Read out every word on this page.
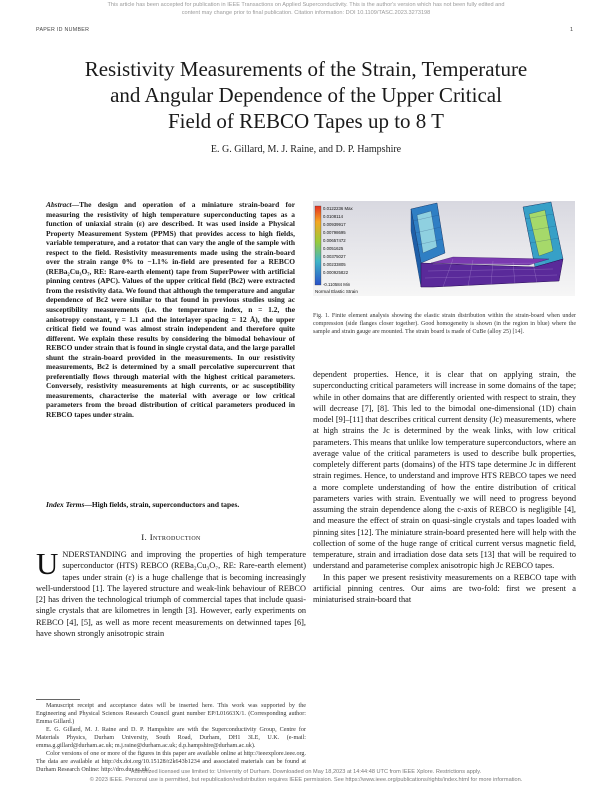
This article has been accepted for publication in IEEE Transactions on Applied Superconductivity. This is the author's version which has not been fully edited and
content may change prior to final publication. Citation information: DOI 10.1109/TASC.2023.3273198
PAPER ID NUMBER	1
Resistivity Measurements of the Strain, Temperature
and Angular Dependence of the Upper Critical
Field of REBCO Tapes up to 8 T
E. G. Gillard, M. J. Raine, and D. P. Hampshire
Abstract—The design and operation of a miniature strain-board for measuring the resistivity of high temperature superconducting tapes as a function of uniaxial strain (ε) are described. It was used inside a Physical Property Measurement System (PPMS) that provides access to high fields, variable temperature, and a rotator that can vary the angle of the sample with respect to the field. Resistivity measurements made using the strain-board over the strain range 0% to −1.1% in-field are presented for a REBCO (REBa₂Cu₃O₇, RE: Rare-earth element) tape from SuperPower with artificial pinning centres (APC). Values of the upper critical field (Bc2) were extracted from the resistivity data. We found that although the temperature and angular dependence of Bc2 were similar to that found in previous studies using ac susceptibility measurements (i.e. the temperature index, n = 1.2, the anisotropy constant, γ = 1.1 and the interlayer spacing = 12 Å), the upper critical field we found was almost strain independent and therefore quite different. We explain these results by considering the bimodal behaviour of REBCO under strain that is found in single crystal data, and the large parallel shunt the strain-board provided in the measurements. In our resistivity measurements, Bc2 is determined by a small percolative supercurrent that preferentially flows through material with the highest critical parameters. Conversely, resistivity measurements at high currents, or ac susceptibility measurements, characterise the material with average or low critical parameters from the broad distribution of critical parameters produced in REBCO tapes under strain.
Index Terms—High fields, strain, superconductors and tapes.
I. Introduction
UNDERSTANDING and improving the properties of high temperature superconductor (HTS) REBCO (REBa₂Cu₃O₇, RE: Rare-earth element) tapes under strain (ε) is a huge challenge that is becoming increasingly well-understood [1]. The layered structure and weak-link behaviour of REBCO [2] has driven the technological triumph of commercial tapes that include quasi-single crystals that are kilometres in length [3]. However, early experiments on REBCO [4], [5], as well as more recent measurements on detwinned tapes [6], have shown strongly anisotropic strain

Manuscript receipt and acceptance dates will be inserted here. This work was supported by the Engineering and Physical Sciences Research Council grant number EP/L01663X/1. (Corresponding author: Emma Gillard.)

E. G. Gillard, M. J. Raine and D. P. Hampshire are with the Superconductivity Group, Centre for Materials Physics, Durham University, South Road, Durham, DH1 3LE, U.K. (e-mail: emma.g.gillard@durham.ac.uk; m.j.raine@durham.ac.uk; d.p.hampshire@durham.ac.uk).

Color versions of one or more of the figures in this paper are available online at http://ieeexplore.ieee.org. The data are available at http://dx.doi.org/10.15128/r2k643b1234 and associated materials can be found at Durham Research Online: http://dro.dur.ac.uk/.

0.0122236 Max
0.0108114
0.00939917
0.00798695
0.00657472
0.0051625
0.00375027
0.00233805
0.000925822
-0.110584 Min
Normal Elastic Strain
Fig. 1. Finite element analysis showing the elastic strain distribution within the strain-board when under compression (side flanges closer together). Good homogeneity is shown (in the region in blue) where the sample and strain gauge are mounted. The strain board is made of CuBe (alloy 25) [14].

dependent properties. Hence, it is clear that on applying strain, the superconducting critical parameters will increase in some domains of the tape; while in other domains that are differently oriented with respect to strain, they will decrease [7], [8]. This led to the bimodal one-dimensional (1D) chain model [9]–[11] that describes critical current density (Jc) measurements, where at high strains the Jc is determined by the weak links, with low critical parameters. This means that unlike low temperature superconductors, where an average value of the critical parameters is used to describe bulk properties, completely different parts (domains) of the HTS tape determine Jc in different strain regimes. Hence, to understand and improve HTS REBCO tapes we need a more complete understanding of how the entire distribution of critical parameters varies with strain. Eventually we will need to progress beyond assuming the strain dependence along the c-axis of REBCO is negligible [4], and measure the effect of strain on quasi-single crystals and tapes loaded with pinning sites [12]. The miniature strain-board presented here will help with the collection of some of the huge range of critical current versus magnetic field, temperature, strain and irradiation dose data sets [13] that will be required to understand and parameterise complex anisotropic high Jc REBCO tapes.

In this paper we present resistivity measurements on a REBCO tape with artificial pinning centres. Our aims are two-fold: first we present a miniaturised strain-board that

Authorized licensed use limited to: University of Durham. Downloaded on May 18,2023 at 14:44:48 UTC from IEEE Xplore. Restrictions apply.
© 2023 IEEE. Personal use is permitted, but republication/redistribution requires IEEE permission. See https://www.ieee.org/publications/rights/index.html for more information.
